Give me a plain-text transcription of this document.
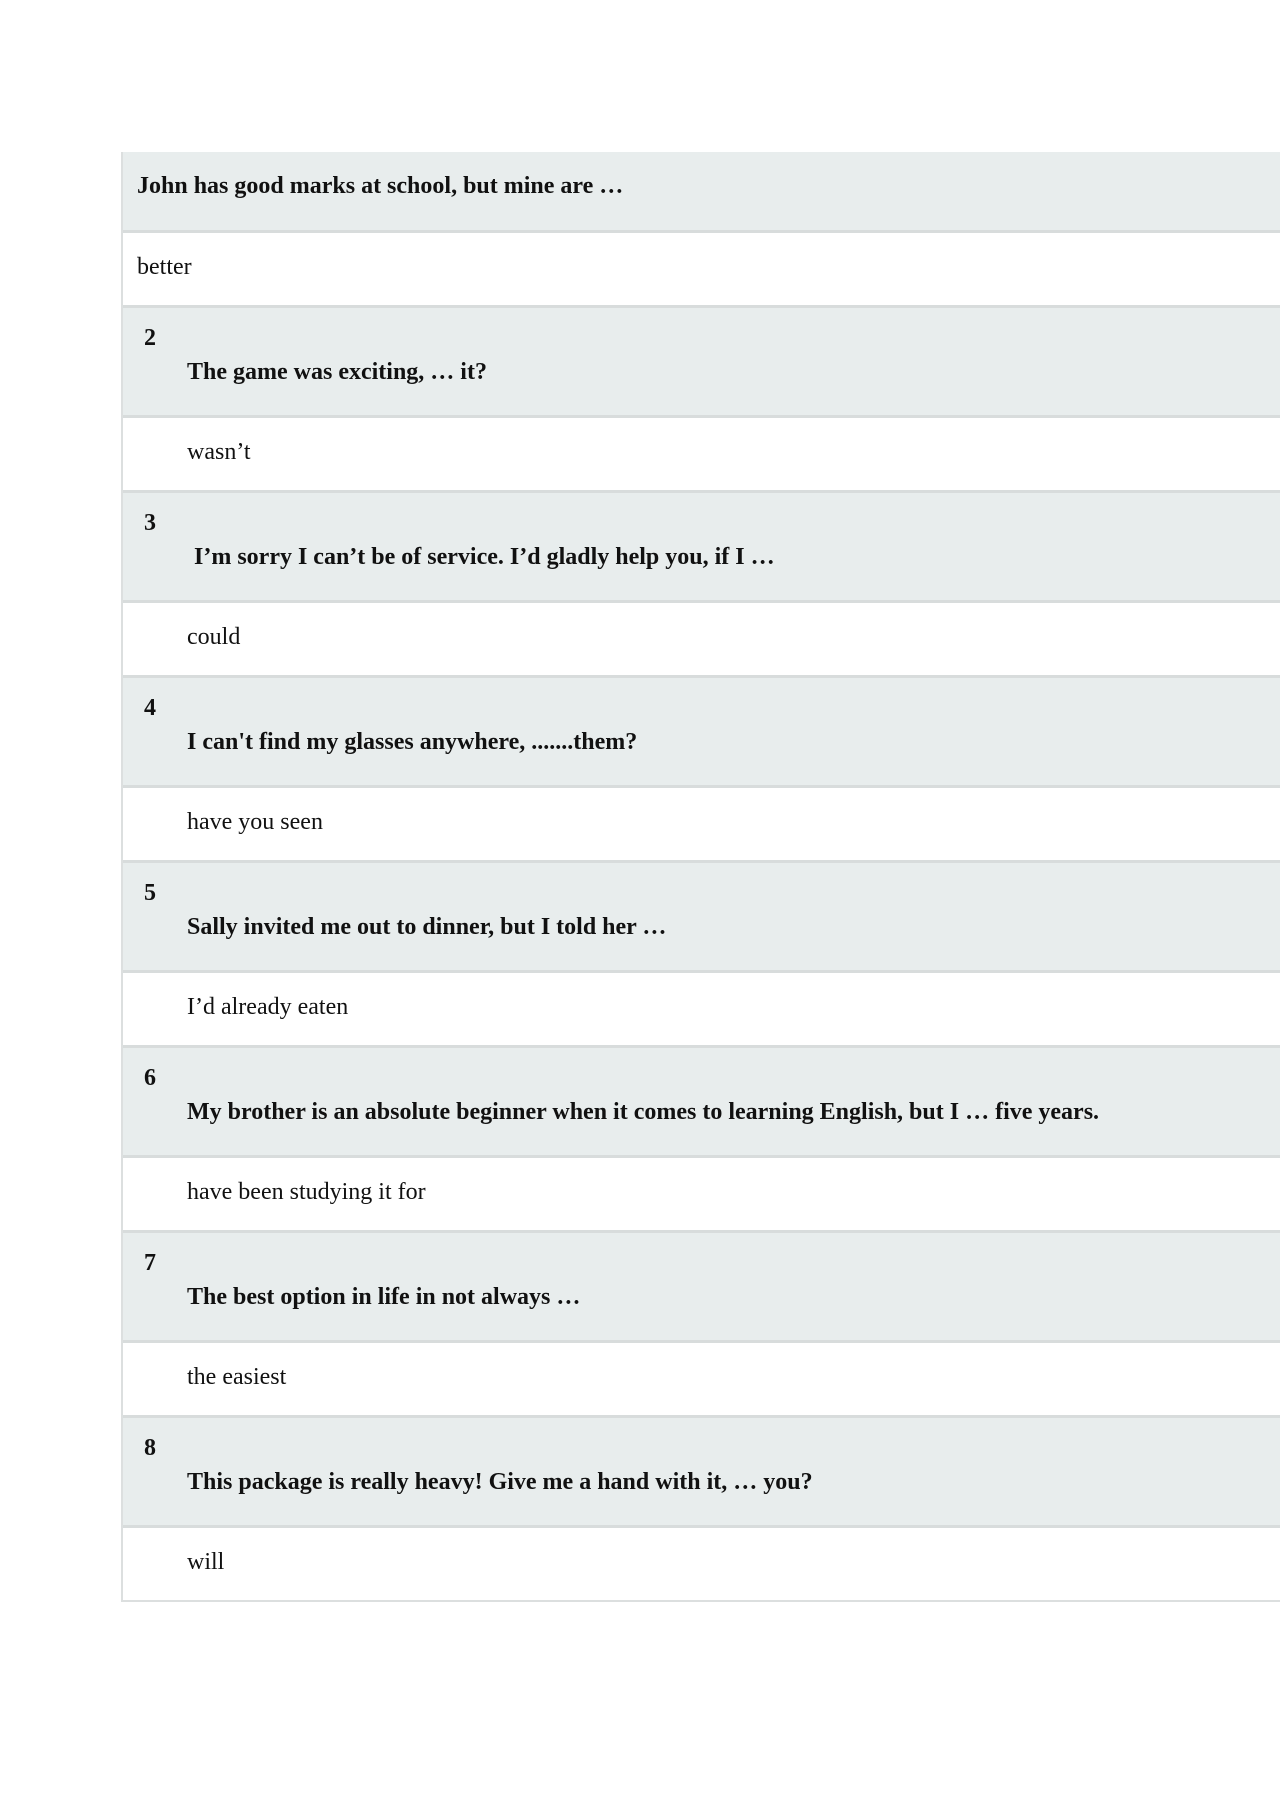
John has good marks at school, but mine are …
better
2
The game was exciting, … it?
wasn’t
3
I’m sorry I can’t be of service. I’d gladly help you, if I …
could
4
I can't find my glasses anywhere, .......them?
have you seen
5
Sally invited me out to dinner, but I told her …
I’d already eaten
6
My brother is an absolute beginner when it comes to learning English, but I … five years.
have been studying it for
7
The best option in life in not always …
the easiest
8
This package is really heavy! Give me a hand with it, … you?
will
